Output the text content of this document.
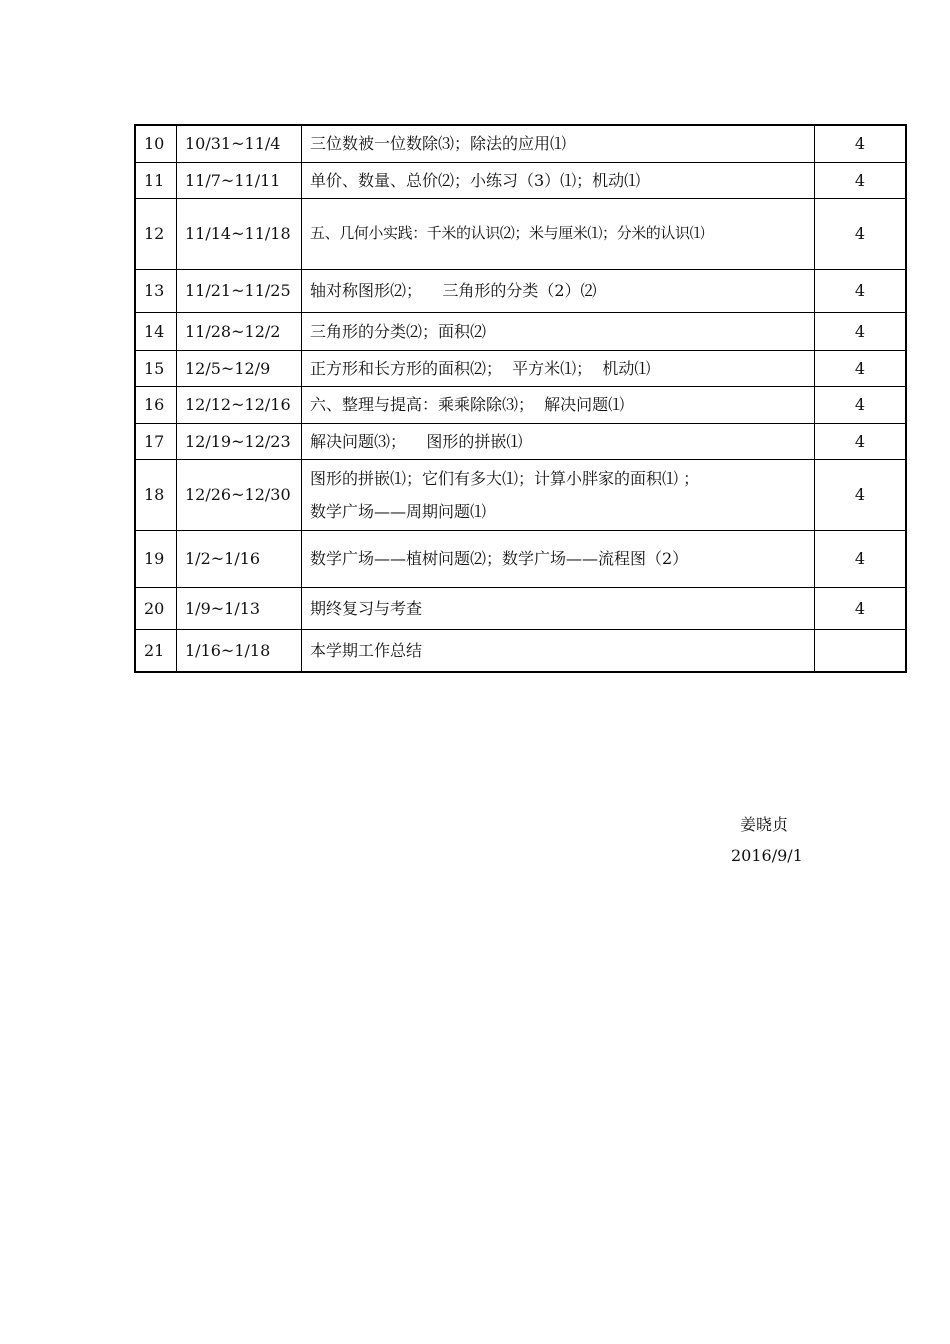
10	10/31~11/4	三位数被一位数除⑶；除法的应用⑴	4
11	11/7~11/11	单价、数量、总价⑵；小练习（3）⑴；机动⑴	4
12	11/14~11/18	五、几何小实践：千米的认识⑵；米与厘米⑴；分米的认识⑴	4
13	11/21~11/25	轴对称图形⑵；    三角形的分类（2）⑵	4
14	11/28~12/2	三角形的分类⑵；面积⑵	4
15	12/5~12/9	正方形和长方形的面积⑵；  平方米⑴；  机动⑴	4
16	12/12~12/16	六、整理与提高：乘乘除除⑶；  解决问题⑴	4
17	12/19~12/23	解决问题⑶；    图形的拼嵌⑴	4
18	12/26~12/30	图形的拼嵌⑴；它们有多大⑴；计算小胖家的面积⑴ ；
数学广场——周期问题⑴	4
19	1/2~1/16	数学广场——植树问题⑵；数学广场——流程图（2）	4
20	1/9~1/13	期终复习与考查	4
21	1/16~1/18	本学期工作总结	
姜晓贞
2016/9/1
